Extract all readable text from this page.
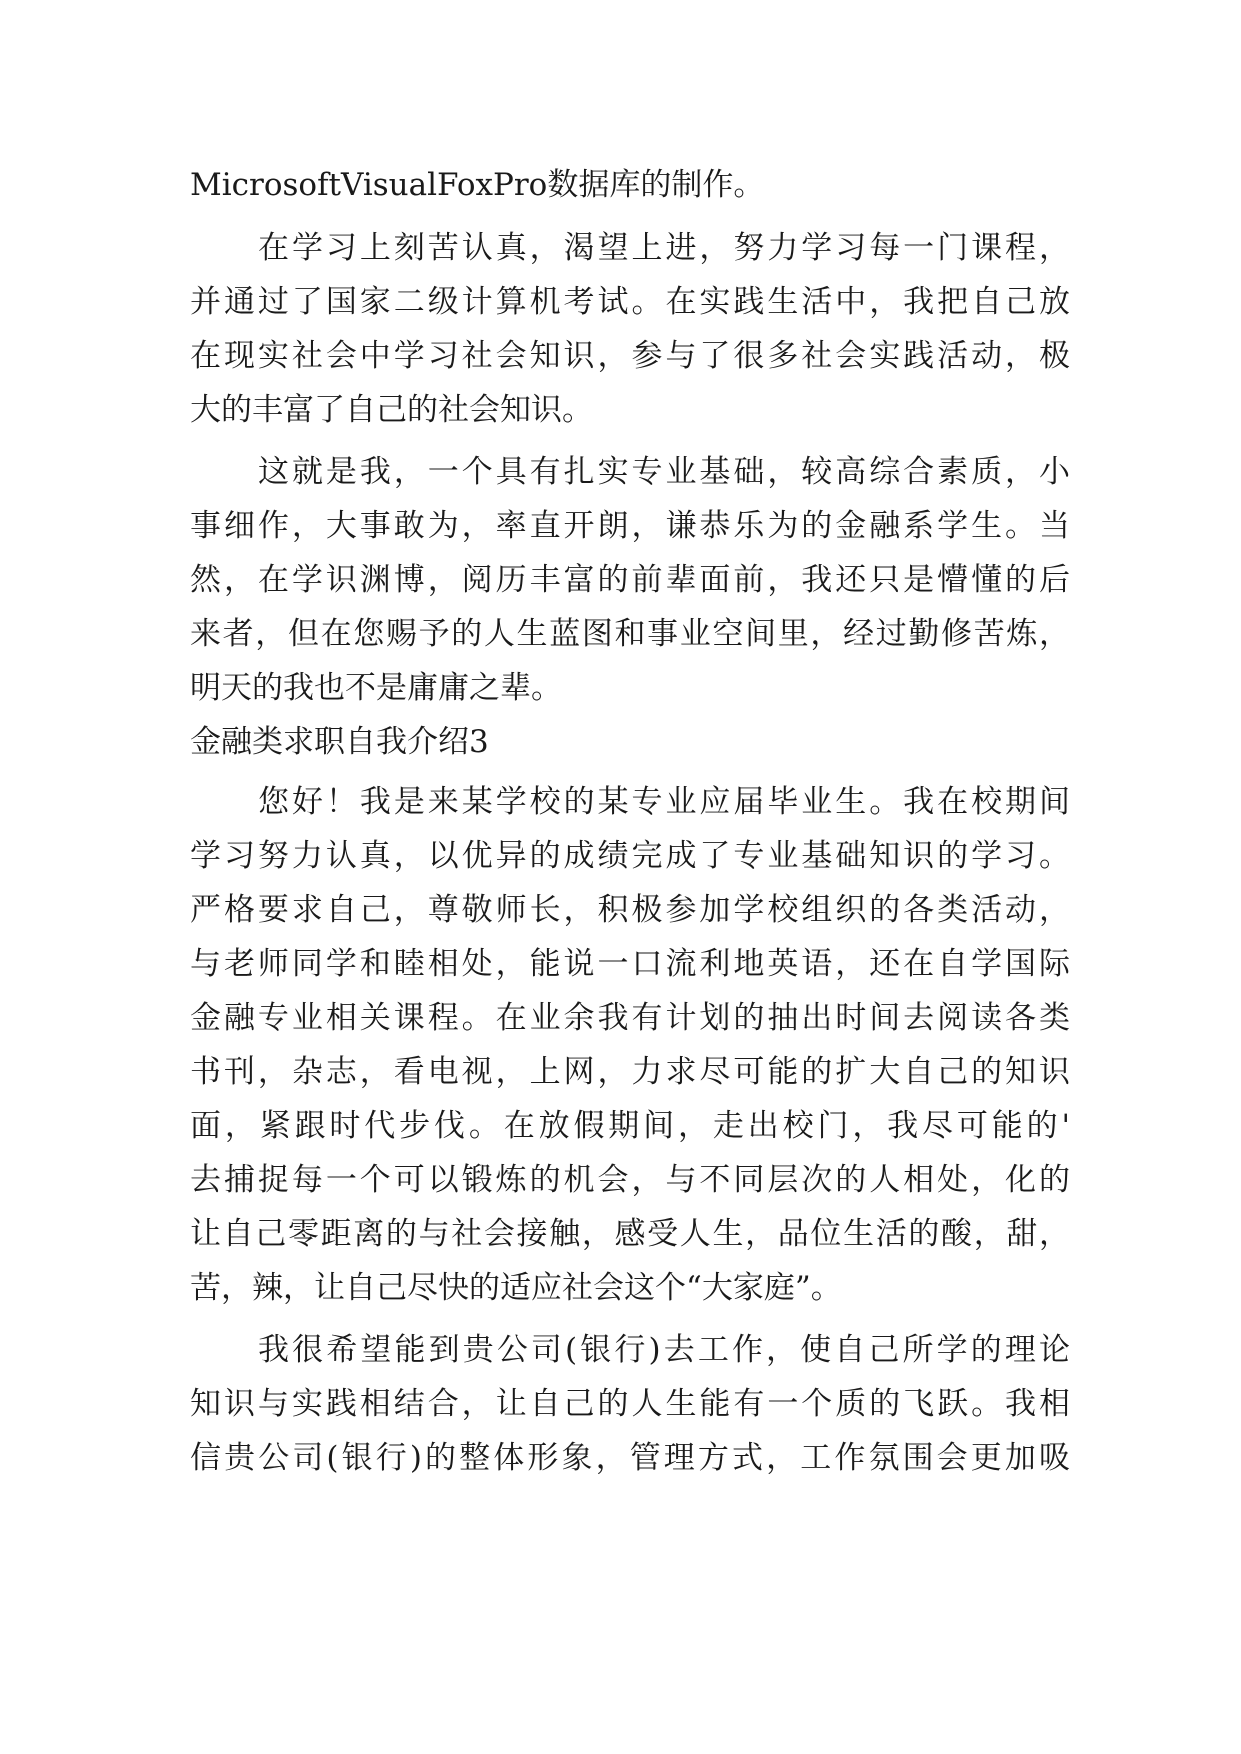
MicrosoftVisualFoxPro数据库的制作。
在学习上刻苦认真，渴望上进，努力学习每一门课程，
并通过了国家二级计算机考试。在实践生活中，我把自己放
在现实社会中学习社会知识，参与了很多社会实践活动，极
大的丰富了自己的社会知识。
这就是我，一个具有扎实专业基础，较高综合素质，小
事细作，大事敢为，率直开朗，谦恭乐为的金融系学生。当
然，在学识渊博，阅历丰富的前辈面前，我还只是懵懂的后
来者，但在您赐予的人生蓝图和事业空间里，经过勤修苦炼，
明天的我也不是庸庸之辈。
金融类求职自我介绍3
您好！我是来某学校的某专业应届毕业生。我在校期间
学习努力认真，以优异的成绩完成了专业基础知识的学习。
严格要求自己，尊敬师长，积极参加学校组织的各类活动，
与老师同学和睦相处，能说一口流利地英语，还在自学国际
金融专业相关课程。在业余我有计划的抽出时间去阅读各类
书刊，杂志，看电视，上网，力求尽可能的扩大自己的知识
面，紧跟时代步伐。在放假期间，走出校门，我尽可能的'
去捕捉每一个可以锻炼的机会，与不同层次的人相处，化的
让自己零距离的与社会接触，感受人生，品位生活的酸，甜，
苦，辣，让自己尽快的适应社会这个“大家庭”。
我很希望能到贵公司(银行)去工作，使自己所学的理论
知识与实践相结合，让自己的人生能有一个质的飞跃。我相
信贵公司(银行)的整体形象，管理方式，工作氛围会更加吸
